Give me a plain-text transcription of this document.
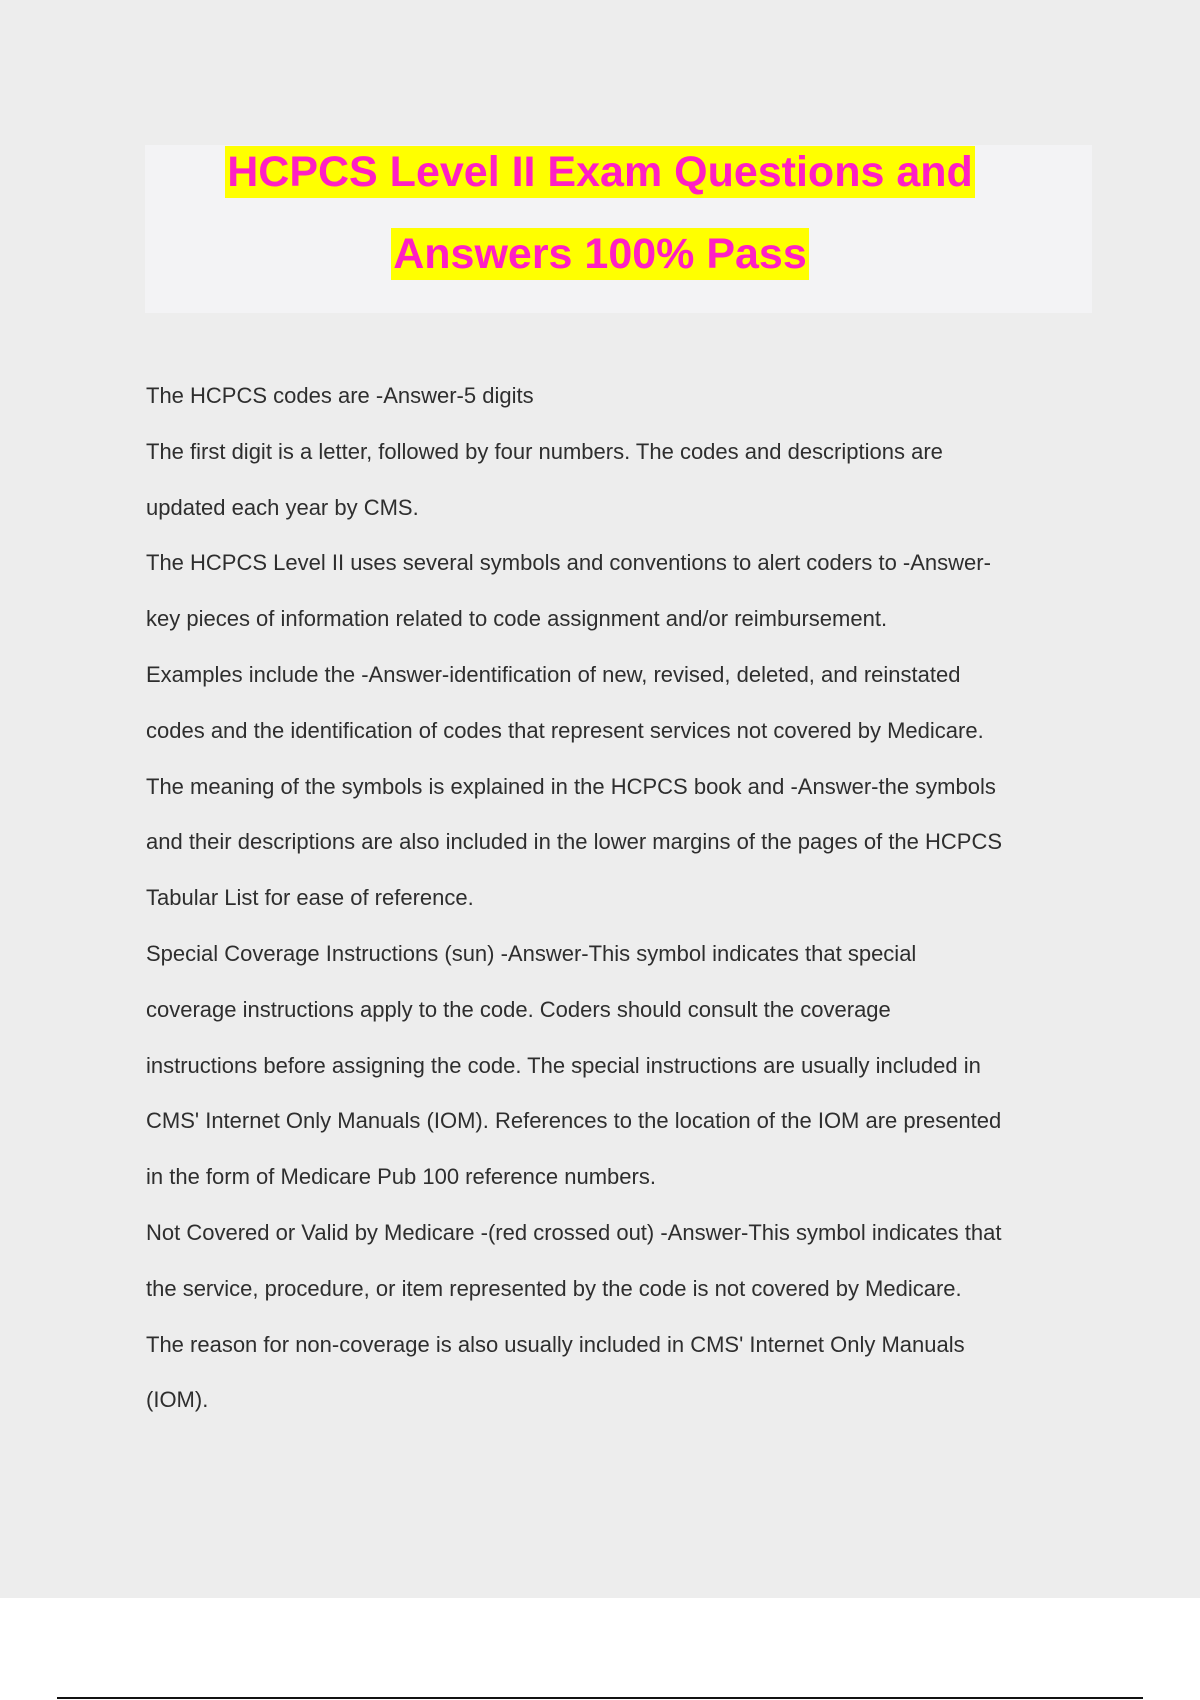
HCPCS Level II Exam Questions and
Answers 100% Pass
The HCPCS codes are -Answer-5 digits
The first digit is a letter, followed by four numbers. The codes and descriptions are
updated each year by CMS.
The HCPCS Level II uses several symbols and conventions to alert coders to -Answer-
key pieces of information related to code assignment and/or reimbursement.
Examples include the -Answer-identification of new, revised, deleted, and reinstated
codes and the identification of codes that represent services not covered by Medicare.
The meaning of the symbols is explained in the HCPCS book and -Answer-the symbols
and their descriptions are also included in the lower margins of the pages of the HCPCS
Tabular List for ease of reference.
Special Coverage Instructions (sun) -Answer-This symbol indicates that special
coverage instructions apply to the code. Coders should consult the coverage
instructions before assigning the code. The special instructions are usually included in
CMS' Internet Only Manuals (IOM). References to the location of the IOM are presented
in the form of Medicare Pub 100 reference numbers.
Not Covered or Valid by Medicare -(red crossed out) -Answer-This symbol indicates that
the service, procedure, or item represented by the code is not covered by Medicare.
The reason for non-coverage is also usually included in CMS' Internet Only Manuals
(IOM).
